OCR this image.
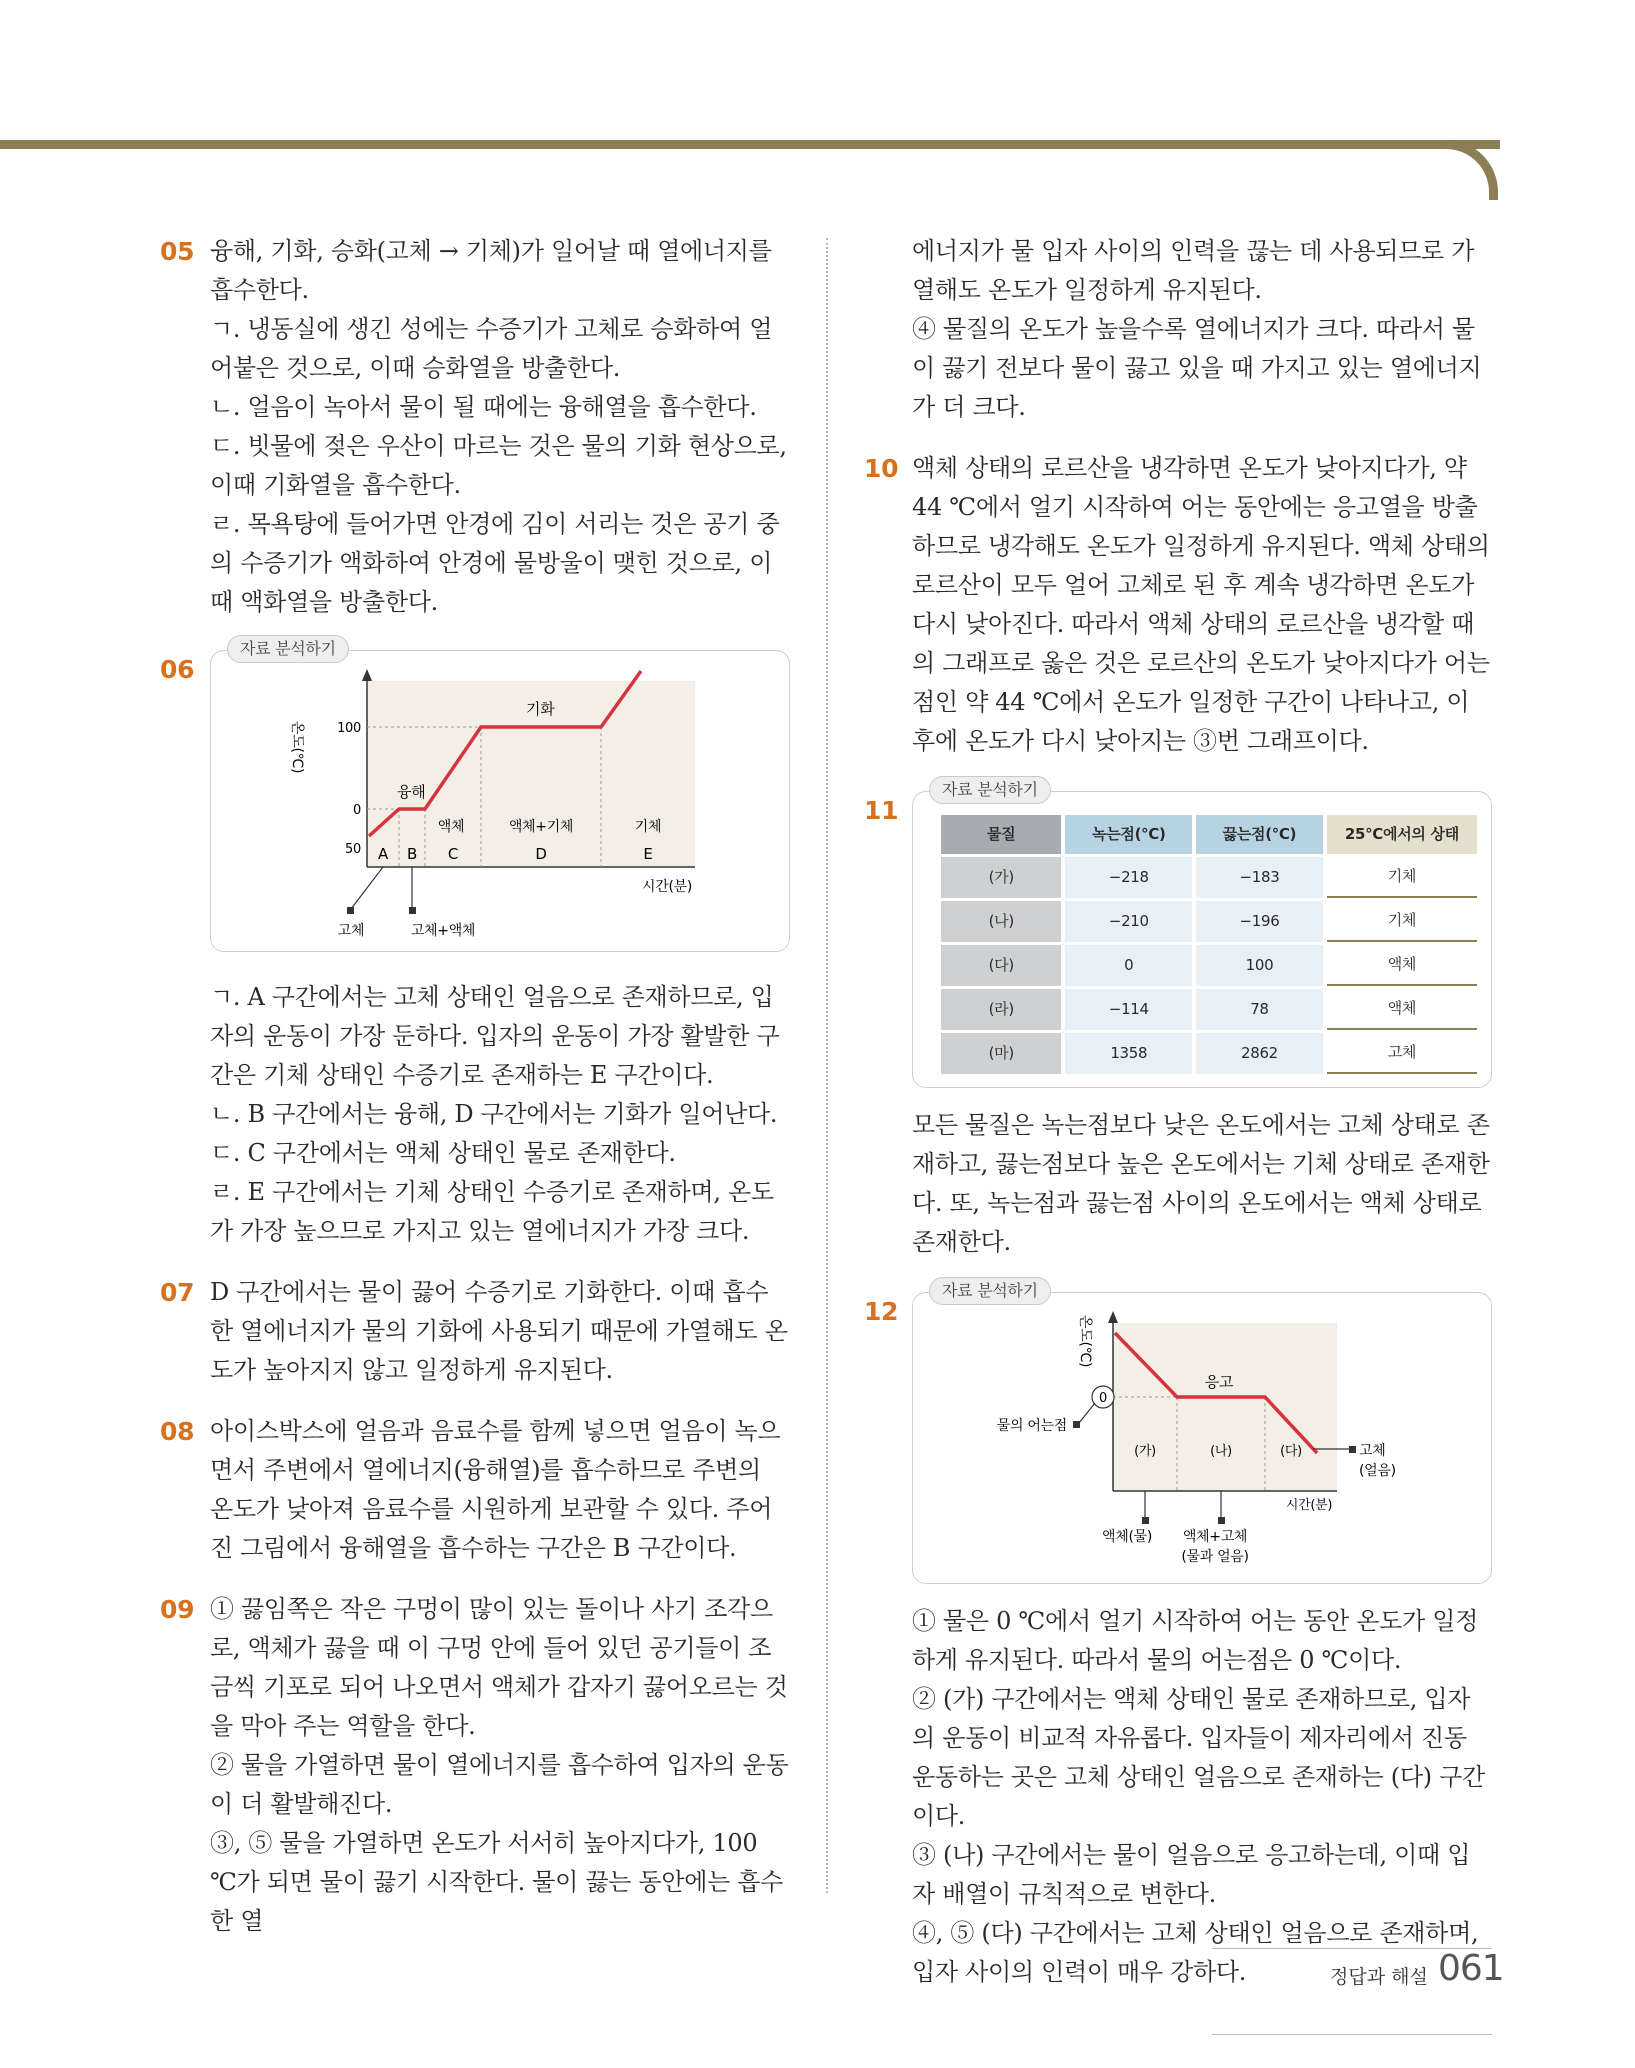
05 융해, 기화, 승화(고체 → 기체)가 일어날 때 열에너지를 흡수한다.

ㄱ. 냉동실에 생긴 성에는 수증기가 고체로 승화하여 얼어붙은 것으로, 이때 승화열을 방출한다.

ㄴ. 얼음이 녹아서 물이 될 때에는 융해열을 흡수한다.

ㄷ. 빗물에 젖은 우산이 마르는 것은 물의 기화 현상으로, 이때 기화열을 흡수한다.

ㄹ. 목욕탕에 들어가면 안경에 김이 서리는 것은 공기 중의 수증기가 액화하여 안경에 물방울이 맺힌 것으로, 이때 액화열을 방출한다.

06
자료 분석하기
온도(℃) 100
0
50
기화
융해
액체	액체+기체	기체
A B C	D	E
시간(분)
고체	고체+액체

ㄱ. A 구간에서는 고체 상태인 얼음으로 존재하므로, 입자의 운동이 가장 둔하다. 입자의 운동이 가장 활발한 구간은 기체 상태인 수증기로 존재하는 E 구간이다.

ㄴ. B 구간에서는 융해, D 구간에서는 기화가 일어난다.

ㄷ. C 구간에서는 액체 상태인 물로 존재한다.

ㄹ. E 구간에서는 기체 상태인 수증기로 존재하며, 온도가 가장 높으므로 가지고 있는 열에너지가 가장 크다.

07 D 구간에서는 물이 끓어 수증기로 기화한다. 이때 흡수한 열에너지가 물의 기화에 사용되기 때문에 가열해도 온도가 높아지지 않고 일정하게 유지된다.

08 아이스박스에 얼음과 음료수를 함께 넣으면 얼음이 녹으면서 주변에서 열에너지(융해열)를 흡수하므로 주변의 온도가 낮아져 음료수를 시원하게 보관할 수 있다. 주어진 그림에서 융해열을 흡수하는 구간은 B 구간이다.

09 ① 끓임쪽은 작은 구멍이 많이 있는 돌이나 사기 조각으로, 액체가 끓을 때 이 구멍 안에 들어 있던 공기들이 조금씩 기포로 되어 나오면서 액체가 갑자기 끓어오르는 것을 막아 주는 역할을 한다.

② 물을 가열하면 물이 열에너지를 흡수하여 입자의 운동이 더 활발해진다.

③, ⑤ 물을 가열하면 온도가 서서히 높아지다가, 100 ℃가 되면 물이 끓기 시작한다. 물이 끓는 동안에는 흡수한 열

에너지가 물 입자 사이의 인력을 끊는 데 사용되므로 가열해도 온도가 일정하게 유지된다.

④ 물질의 온도가 높을수록 열에너지가 크다. 따라서 물이 끓기 전보다 물이 끓고 있을 때 가지고 있는 열에너지가 더 크다.

10 액체 상태의 로르산을 냉각하면 온도가 낮아지다가, 약 44 ℃에서 얼기 시작하여 어는 동안에는 응고열을 방출하므로 냉각해도 온도가 일정하게 유지된다. 액체 상태의 로르산이 모두 얼어 고체로 된 후 계속 냉각하면 온도가 다시 낮아진다. 따라서 액체 상태의 로르산을 냉각할 때의 그래프로 옳은 것은 로르산의 온도가 낮아지다가 어는점인 약 44 ℃에서 온도가 일정한 구간이 나타나고, 이후에 온도가 다시 낮아지는 ③번 그래프이다.

11
자료 분석하기
물질	녹는점(℃)	끓는점(℃)	25℃에서의 상태
(가)	−218	−183	기체
(나)	−210	−196	기체
(다)	0	100	액체
(라)	−114	78	액체
(마)	1358	2862	고체

모든 물질은 녹는점보다 낮은 온도에서는 고체 상태로 존재하고, 끓는점보다 높은 온도에서는 기체 상태로 존재한다. 또, 녹는점과 끓는점 사이의 온도에서는 액체 상태로 존재한다.

12
자료 분석하기
0
온도(℃)
응고
물의 어는점
(가)	(나)	(다)	고체
(얼음)
시간(분)
액체(물) 액체+고체
(물과 얼음)

① 물은 0 ℃에서 얼기 시작하여 어는 동안 온도가 일정하게 유지된다. 따라서 물의 어는점은 0 ℃이다.

② (가) 구간에서는 액체 상태인 물로 존재하므로, 입자의 운동이 비교적 자유롭다. 입자들이 제자리에서 진동 운동하는 곳은 고체 상태인 얼음으로 존재하는 (다) 구간이다.

③ (나) 구간에서는 물이 얼음으로 응고하는데, 이때 입자 배열이 규칙적으로 변한다.

④, ⑤ (다) 구간에서는 고체 상태인 얼음으로 존재하며, 입자 사이의 인력이 매우 강하다.	정답과 해설 061
